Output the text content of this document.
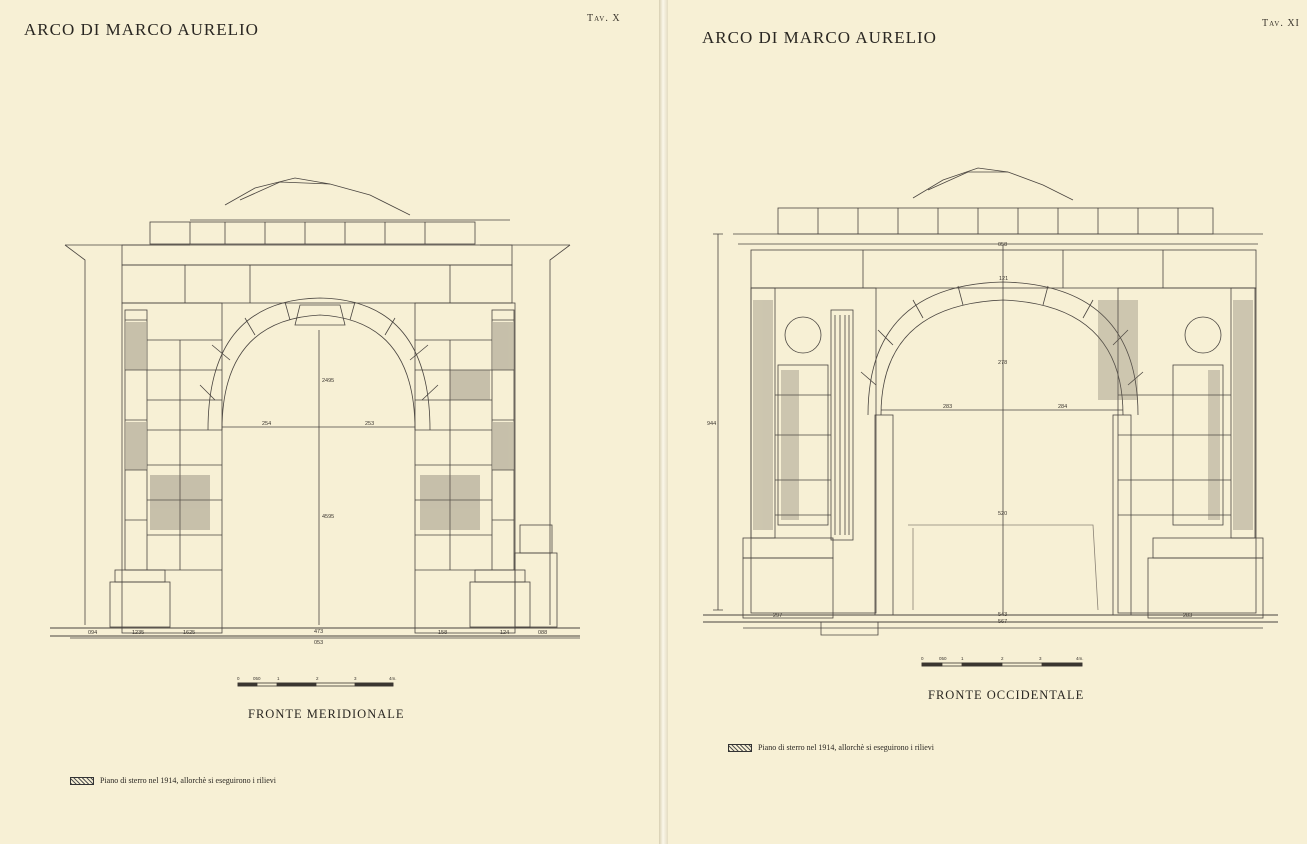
ARCO DI MARCO AURELIO
Tav. X
2495
254	253
4595
473
053
094	1235	1625	158	124	088
0	050	1	2	3	4m.
FRONTE MERIDIONALE
Piano di sterro nel 1914, allorchè si eseguirono i rilievi
ARCO DI MARCO AURELIO
Tav. XI
058
121
278
283	284
520
944
543
567
297	283
0	050	1	2	3	4m.
FRONTE OCCIDENTALE
Piano di sterro nel 1914, allorchè si eseguirono i rilievi
